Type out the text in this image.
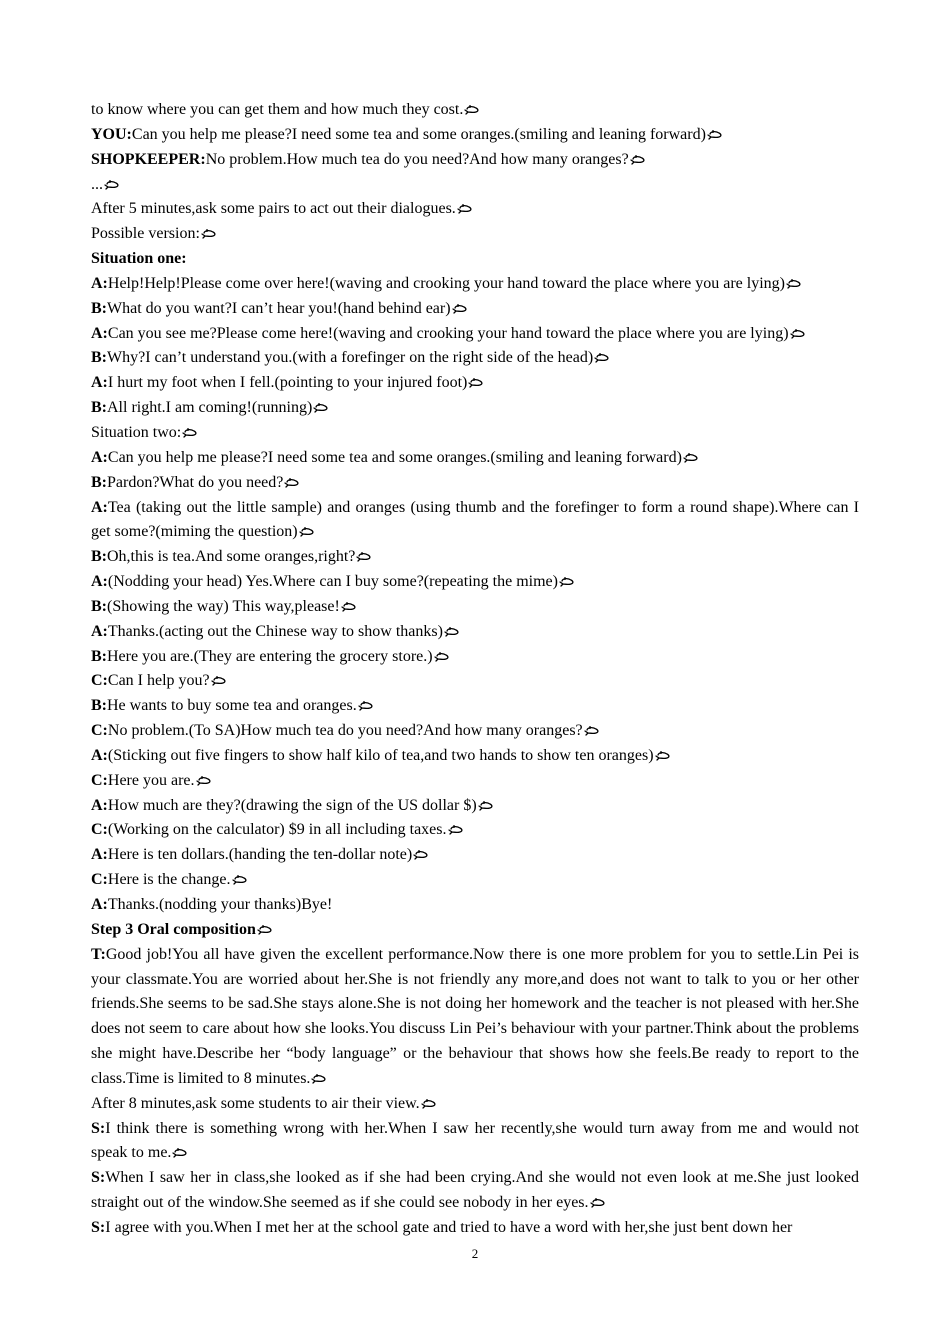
to know where you can get them and how much they cost.
YOU:Can you help me please?I need some tea and some oranges.(smiling and leaning forward)
SHOPKEEPER:No problem.How much tea do you need?And how many oranges?
...
After 5 minutes,ask some pairs to act out their dialogues.
Possible version:
Situation one:
A:Help!Help!Please come over here!(waving and crooking your hand toward the place where you are lying)
B:What do you want?I can’t hear you!(hand behind ear)
A:Can you see me?Please come here!(waving and crooking your hand toward the place where you are lying)
B:Why?I can’t understand you.(with a forefinger on the right side of the head)
A:I hurt my foot when I fell.(pointing to your injured foot)
B:All right.I am coming!(running)
Situation two:
A:Can you help me please?I need some tea and some oranges.(smiling and leaning forward)
B:Pardon?What do you need?
A:Tea (taking out the little sample) and oranges (using thumb and the forefinger to form a round shape).Where can I get some?(miming the question)
B:Oh,this is tea.And some oranges,right?
A:(Nodding your head) Yes.Where can I buy some?(repeating the mime)
B:(Showing the way) This way,please!
A:Thanks.(acting out the Chinese way to show thanks)
B:Here you are.(They are entering the grocery store.)
C:Can I help you?
B:He wants to buy some tea and oranges.
C:No problem.(To SA)How much tea do you need?And how many oranges?
A:(Sticking out five fingers to show half kilo of tea,and two hands to show ten oranges)
C:Here you are.
A:How much are they?(drawing the sign of the US dollar $)
C:(Working on the calculator) $9 in all including taxes.
A:Here is ten dollars.(handing the ten-dollar note)
C:Here is the change.
A:Thanks.(nodding your thanks)Bye!
Step 3 Oral composition
T:Good job!You all have given the excellent performance.Now there is one more problem for you to settle.Lin Pei is your classmate.You are worried about her.She is not friendly any more,and does not want to talk to you or her other friends.She seems to be sad.She stays alone.She is not doing her homework and the teacher is not pleased with her.She does not seem to care about how she looks.You discuss Lin Pei’s behaviour with your partner.Think about the problems she might have.Describe her “body language” or the behaviour that shows how she feels.Be ready to report to the class.Time is limited to 8 minutes.
After 8 minutes,ask some students to air their view.
S:I think there is something wrong with her.When I saw her recently,she would turn away from me and would not speak to me.
S:When I saw her in class,she looked as if she had been crying.And she would not even look at me.She just looked straight out of the window.She seemed as if she could see nobody in her eyes.
S:I agree with you.When I met her at the school gate and tried to have a word with her,she just bent down her
2
